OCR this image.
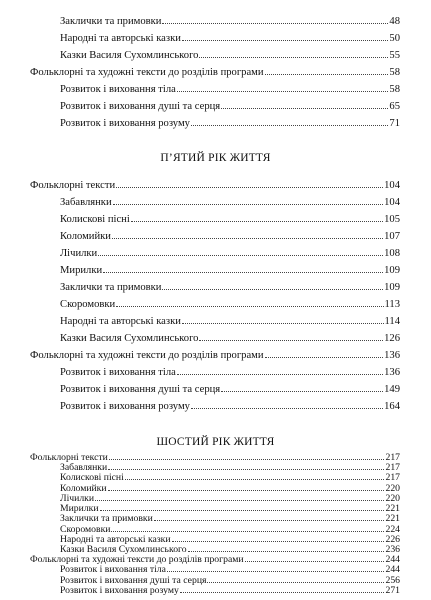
Заклички та примовки	48
Народні та авторські казки	50
Казки Василя Сухомлинського	55
Фольклорні та художні тексти до розділів програми	58
Розвиток і виховання тіла	58
Розвиток і виховання душі та серця	65
Розвиток і виховання розуму	71
П’ЯТИЙ РІК ЖИТТЯ
Фольклорні тексти	104
Забавлянки	104
Колискові пісні	105
Коломийки	107
Лічилки	108
Мирилки	109
Заклички та примовки	109
Скоромовки	113
Народні та авторські казки	114
Казки Василя Сухомлинського	126
Фольклорні та художні тексти до розділів програми	136
Розвиток і виховання тіла	136
Розвиток і виховання душі та серця	149
Розвиток і виховання розуму	164
ШОСТИЙ РІК ЖИТТЯ
Фольклорні тексти	217
Забавлянки	217
Колискові пісні	217
Коломийки	220
Лічилки	220
Мирилки	221
Заклички та примовки	221
Скоромовки	224
Народні та авторські казки	226
Казки Василя Сухомлинського	236
Фольклорні та художні тексти до розділів програми	244
Розвиток і виховання тіла	244
Розвиток і виховання душі та серця	256
Розвиток і виховання розуму	271
